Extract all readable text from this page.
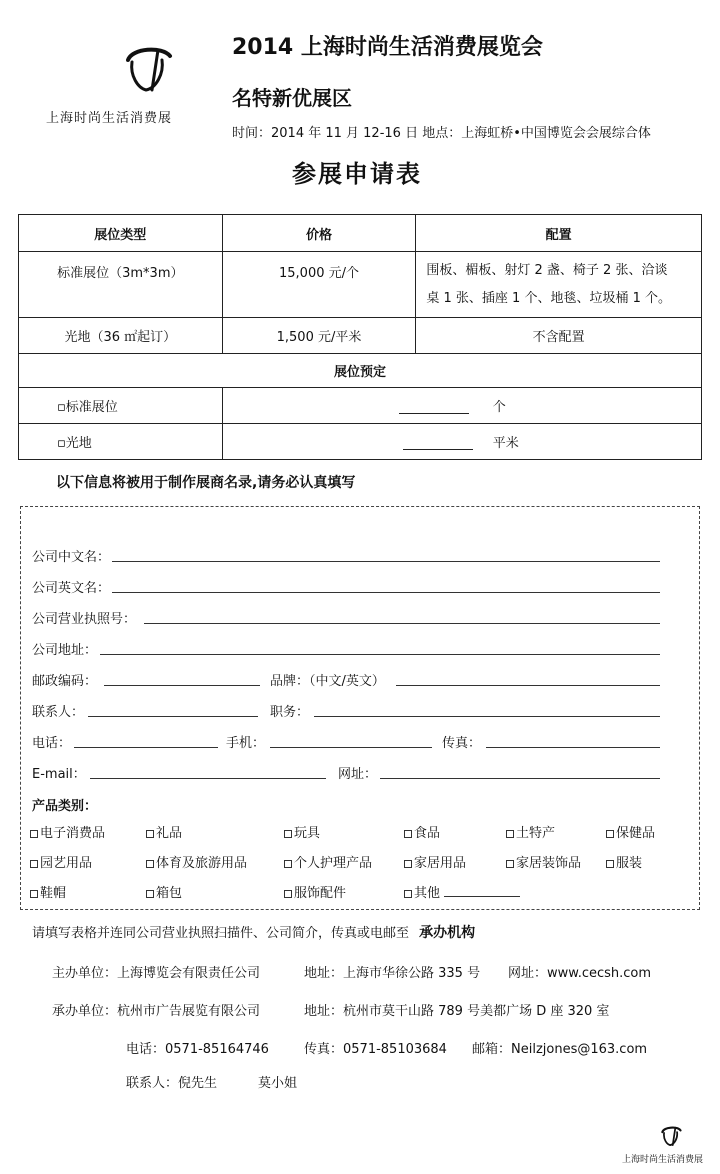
上海时尚生活消费展
2014 上海时尚生活消费展览会
名特新优展区
时间：2014 年 11 月 12-16 日 地点：上海虹桥•中国博览会会展综合体
参展申请表
展位类型	价格	配置
标准展位（3m*3m）	15,000 元/个	围板、楣板、射灯 2 盏、椅子 2 张、洽谈
桌 1 张、插座 1 个、地毯、垃圾桶 1 个。

光地（36 ㎡起订）	1,500 元/平米	不含配置
展位预定		
▫标准展位	个	
▫光地	平米	
以下信息将被用于制作展商名录,请务必认真填写
公司中文名：
公司英文名：
公司营业执照号：
公司地址：
邮政编码：	品牌：（中文/英文）
联系人：	职务：
电话：	手机：	传真：
E-mail：	网址：
产品类别：
电子消费品	礼品	玩具	食品	土特产	保健品
园艺用品	体育及旅游用品	个人护理产品	家居用品	家居装饰品	服装
鞋帽	箱包	服饰配件	其他
请填写表格并连同公司营业执照扫描件、公司简介，传真或电邮至 承办机构
主办单位：上海博览会有限责任公司	地址：上海市华徐公路 335 号 网址：www.cecsh.com
承办单位：杭州市广告展览有限公司	地址：杭州市莫干山路 789 号美都广场 D 座 320 室
电话：0571-85164746	传真：0571-85103684 邮箱：Neilzjones@163.com
联系人：倪先生	莫小姐
上海时尚生活消费展
